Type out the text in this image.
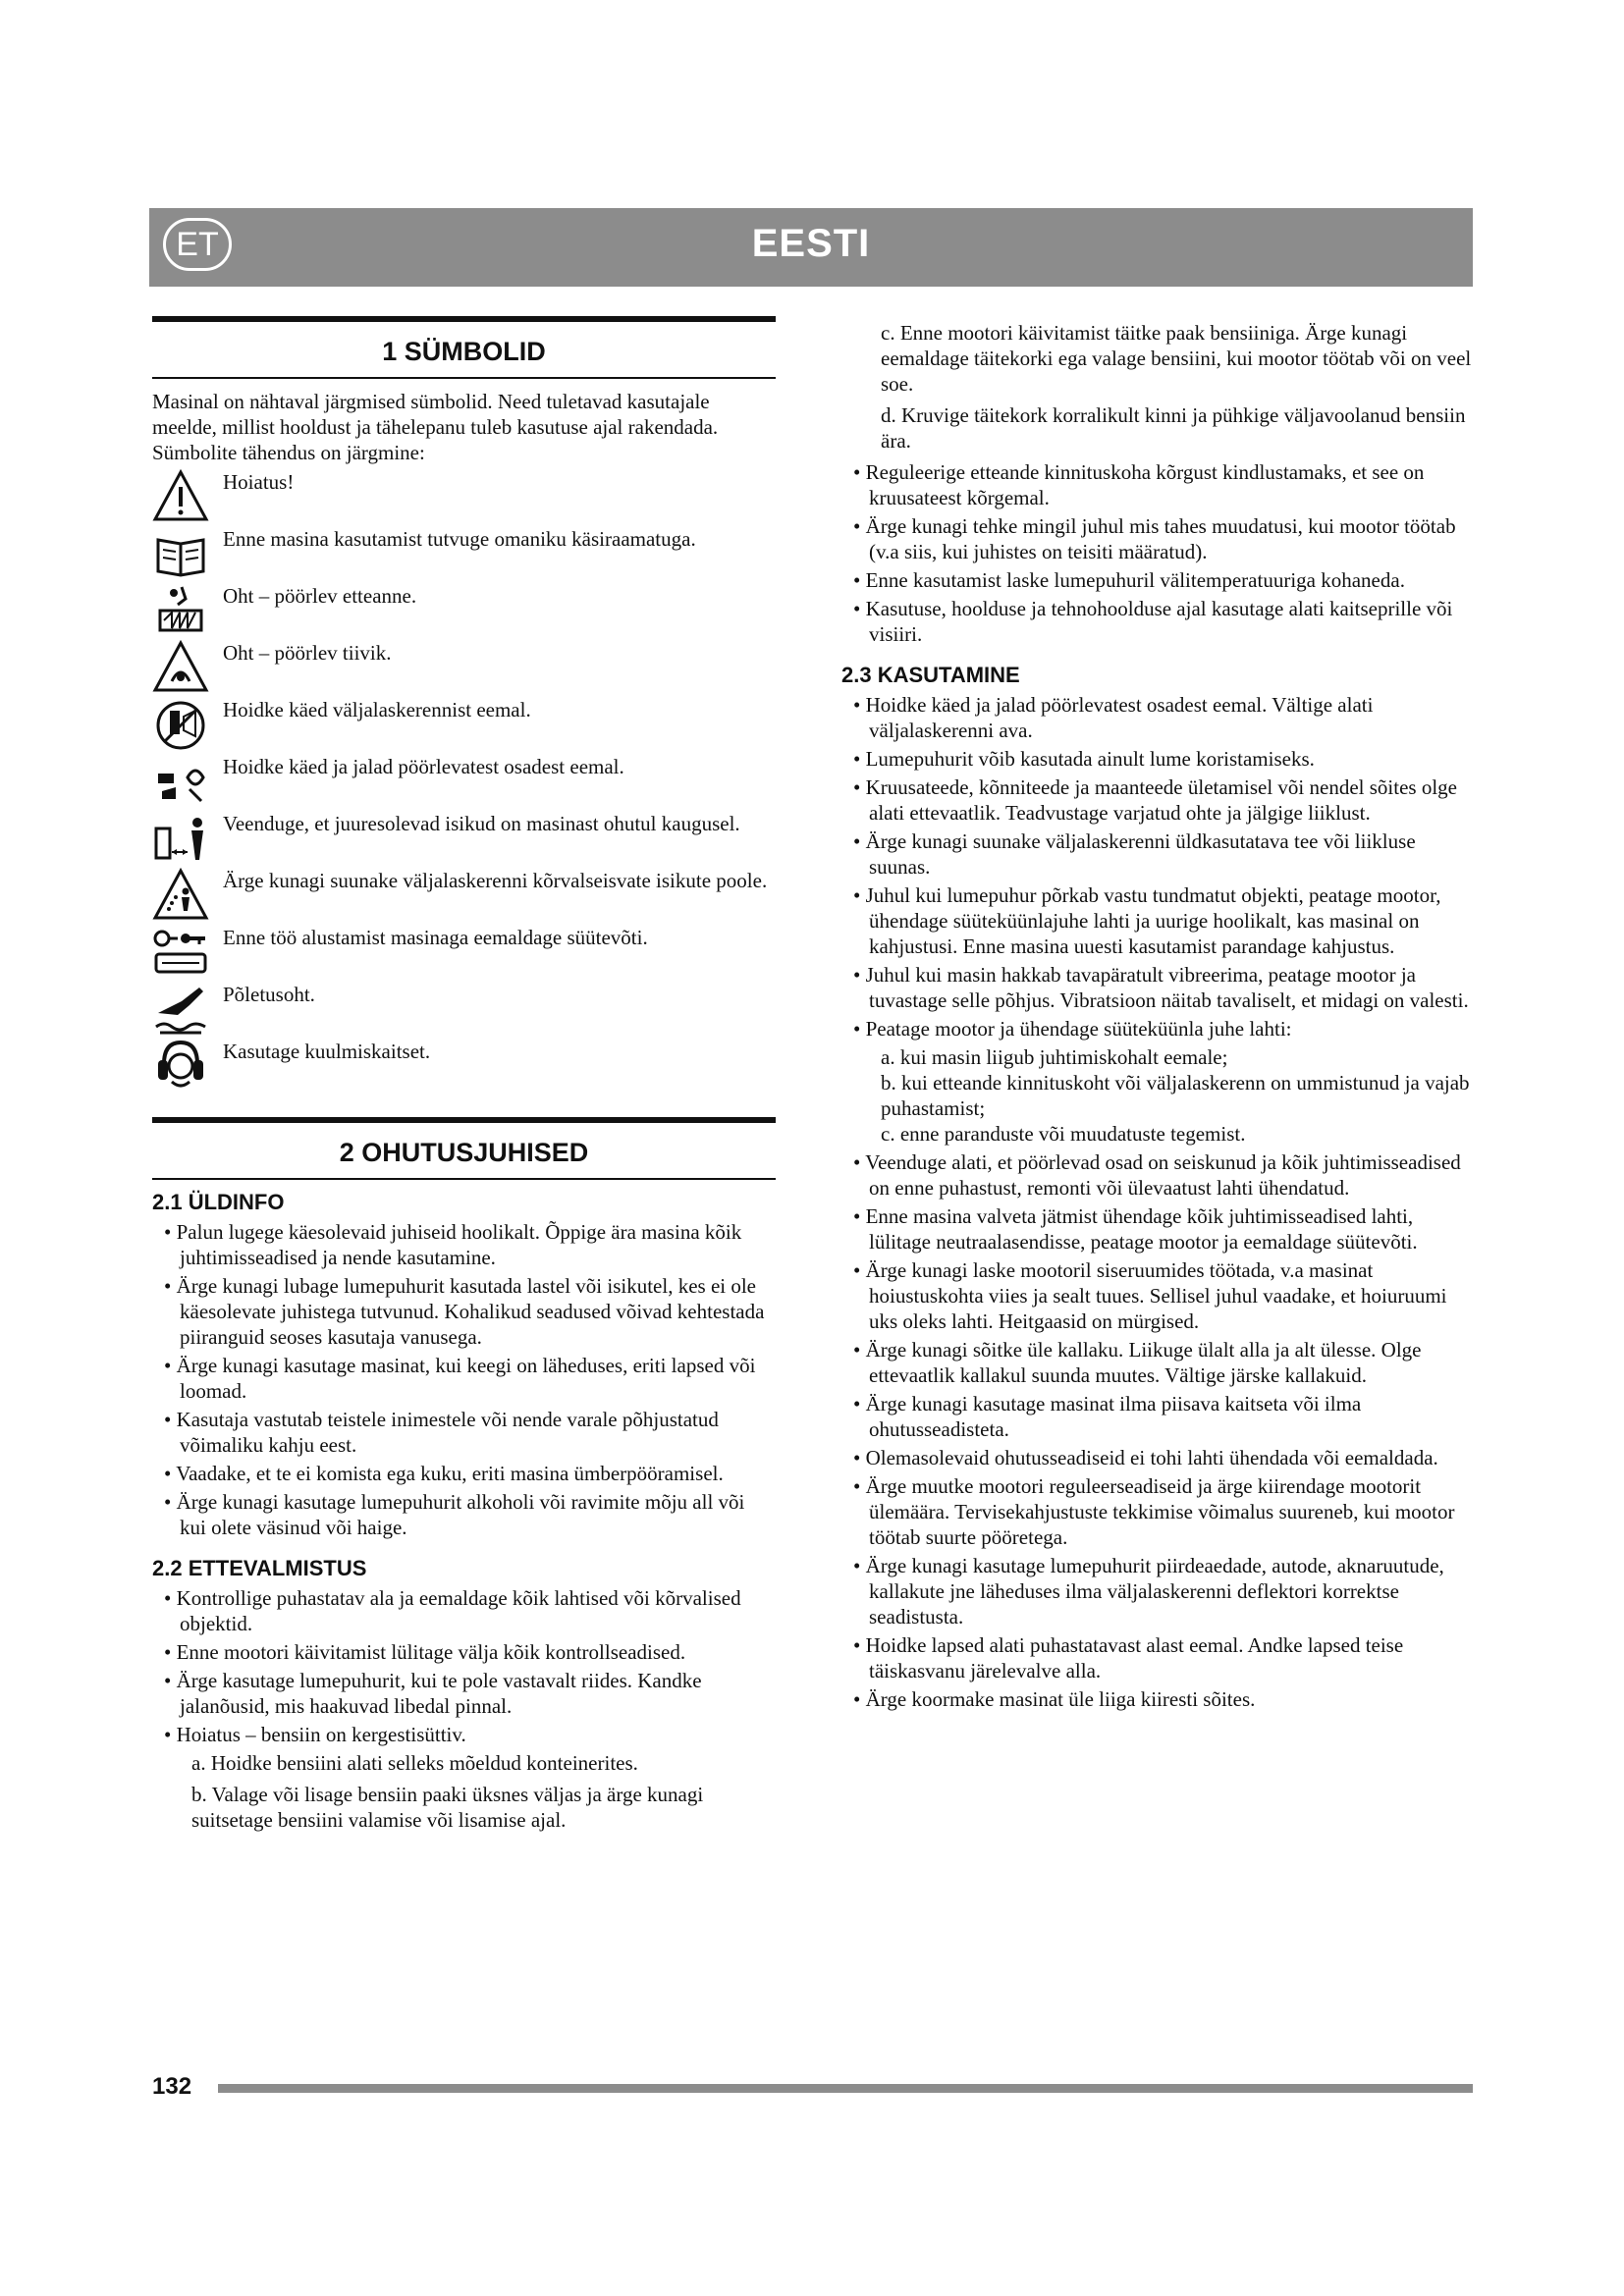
ET	EESTI
1 SÜMBOLID

Masinal on nähtaval järgmised sümbolid. Need tuletavad kasutajale meelde, millist hooldust ja tähelepanu tuleb kasutuse ajal rakendada.

Sümbolite tähendus on järgmine:

Hoiatus!
Enne masina kasutamist tutvuge omaniku käsiraamatuga.
Oht – pöörlev etteanne.
Oht – pöörlev tiivik.
Hoidke käed väljalaskerennist eemal.
Hoidke käed ja jalad pöörlevatest osadest eemal.
Veenduge, et juuresolevad isikud on masinast ohutul kaugusel.
Ärge kunagi suunake väljalaskerenni kõrvalseisvate isikute poole.
Enne töö alustamist masinaga eemaldage süütevõti.
Põletusoht.
Kasutage kuulmiskaitset.
2 OHUTUSJUHISED
2.1 ÜLDINFO

• Palun lugege käesolevaid juhiseid hoolikalt. Õppige ära masina kõik juhtimisseadised ja nende kasutamine.

• Ärge kunagi lubage lumepuhurit kasutada lastel või isikutel, kes ei ole käesolevate juhistega tutvunud. Kohalikud seadused võivad kehtestada piiranguid seoses kasutaja vanusega.

• Ärge kunagi kasutage masinat, kui keegi on läheduses, eriti lapsed või loomad.

• Kasutaja vastutab teistele inimestele või nende varale põhjustatud võimaliku kahju eest.

• Vaadake, et te ei komista ega kuku, eriti masina ümberpööramisel.

• Ärge kunagi kasutage lumepuhurit alkoholi või ravimite mõju all või kui olete väsinud või haige.

2.2 ETTEVALMISTUS

• Kontrollige puhastatav ala ja eemaldage kõik lahtised või kõrvalised objektid.

• Enne mootori käivitamist lülitage välja kõik kontrollseadised.

• Ärge kasutage lumepuhurit, kui te pole vastavalt riides. Kandke jalanõusid, mis haakuvad libedal pinnal.

• Hoiatus – bensiin on kergestisüttiv.

a. Hoidke bensiini alati selleks mõeldud konteinerites.

b. Valage või lisage bensiin paaki üksnes väljas ja ärge kunagi suitsetage bensiini valamise või lisamise ajal.

c. Enne mootori käivitamist täitke paak bensiiniga. Ärge kunagi eemaldage täitekorki ega valage bensiini, kui mootor töötab või on veel soe.

d. Kruvige täitekork korralikult kinni ja pühkige väljavoolanud bensiin ära.

• Reguleerige etteande kinnituskoha kõrgust kindlustamaks, et see on kruusateest kõrgemal.

• Ärge kunagi tehke mingil juhul mis tahes muudatusi, kui mootor töötab (v.a siis, kui juhistes on teisiti määratud).

• Enne kasutamist laske lumepuhuril välitemperatuuriga kohaneda.

• Kasutuse, hoolduse ja tehnohoolduse ajal kasutage alati kaitseprille või visiiri.

2.3 KASUTAMINE

• Hoidke käed ja jalad pöörlevatest osadest eemal. Vältige alati väljalaskerenni ava.

• Lumepuhurit võib kasutada ainult lume koristamiseks.

• Kruusateede, kõnniteede ja maanteede ületamisel või nendel sõites olge alati ettevaatlik. Teadvustage varjatud ohte ja jälgige liiklust.

• Ärge kunagi suunake väljalaskerenni üldkasutatava tee või liikluse suunas.

• Juhul kui lumepuhur põrkab vastu tundmatut objekti, peatage mootor, ühendage süüteküünlajuhe lahti ja uurige hoolikalt, kas masinal on kahjustusi. Enne masina uuesti kasutamist parandage kahjustus.

• Juhul kui masin hakkab tavapäratult vibreerima, peatage mootor ja tuvastage selle põhjus. Vibratsioon näitab tavaliselt, et midagi on valesti.

• Peatage mootor ja ühendage süüteküünla juhe lahti:

a. kui masin liigub juhtimiskohalt eemale;

b. kui etteande kinnituskoht või väljalaskerenn on ummistunud ja vajab puhastamist;

c. enne paranduste või muudatuste tegemist.

• Veenduge alati, et pöörlevad osad on seiskunud ja kõik juhtimisseadised on enne puhastust, remonti või ülevaatust lahti ühendatud.

• Enne masina valveta jätmist ühendage kõik juhtimisseadised lahti, lülitage neutraalasendisse, peatage mootor ja eemaldage süütevõti.

• Ärge kunagi laske mootoril siseruumides töötada, v.a masinat hoiustuskohta viies ja sealt tuues. Sellisel juhul vaadake, et hoiuruumi uks oleks lahti. Heitgaasid on mürgised.

• Ärge kunagi sõitke üle kallaku. Liikuge ülalt alla ja alt ülesse. Olge ettevaatlik kallakul suunda muutes. Vältige järske kallakuid.

• Ärge kunagi kasutage masinat ilma piisava kaitseta või ilma ohutusseadisteta.

• Olemasolevaid ohutusseadiseid ei tohi lahti ühendada või eemaldada.

• Ärge muutke mootori reguleerseadiseid ja ärge kiirendage mootorit ülemäära. Tervisekahjustuste tekkimise võimalus suureneb, kui mootor töötab suurte pööretega.

• Ärge kunagi kasutage lumepuhurit piirdeaedade, autode, aknaruutude, kallakute jne läheduses ilma väljalaskerenni deflektori korrektse seadistusta.

• Hoidke lapsed alati puhastatavast alast eemal. Andke lapsed teise täiskasvanu järelevalve alla.

• Ärge koormake masinat üle liiga kiiresti sõites.

132
